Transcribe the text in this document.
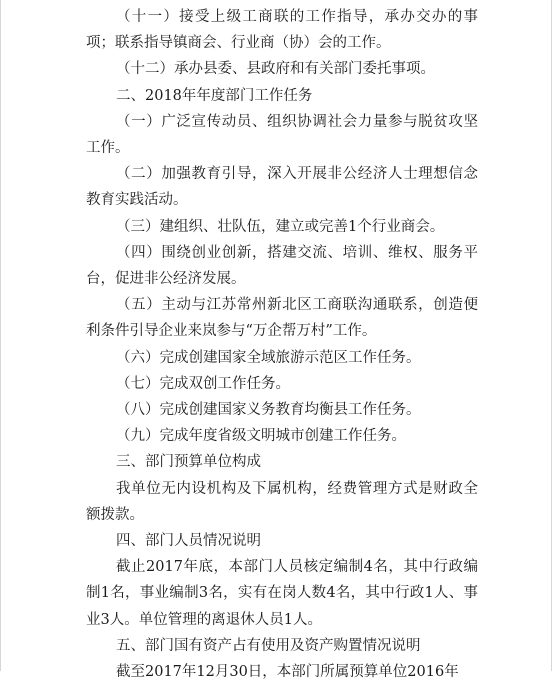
（十一）接受上级工商联的工作指导，承办交办的事项；联系指导镇商会、行业商（协）会的工作。

（十二）承办县委、县政府和有关部门委托事项。

二、2018年年度部门工作任务

（一）广泛宣传动员、组织协调社会力量参与脱贫攻坚工作。

（二）加强教育引导，深入开展非公经济人士理想信念教育实践活动。

（三）建组织、壮队伍，建立或完善1个行业商会。

（四）围绕创业创新，搭建交流、培训、维权、服务平台，促进非公经济发展。

（五）主动与江苏常州新北区工商联沟通联系，创造便利条件引导企业来岚参与“万企帮万村”工作。

（六）完成创建国家全域旅游示范区工作任务。

（七）完成双创工作任务。

（八）完成创建国家义务教育均衡县工作任务。

（九）完成年度省级文明城市创建工作任务。

三、部门预算单位构成

我单位无内设机构及下属机构，经费管理方式是财政全额拨款。

四、部门人员情况说明

截止2017年底，本部门人员核定编制4名，其中行政编制1名，事业编制3名，实有在岗人数4名，其中行政1人、事业3人。单位管理的离退休人员1人。

五、部门国有资产占有使用及资产购置情况说明

截至2017年12月30日，本部门所属预算单位2016年
